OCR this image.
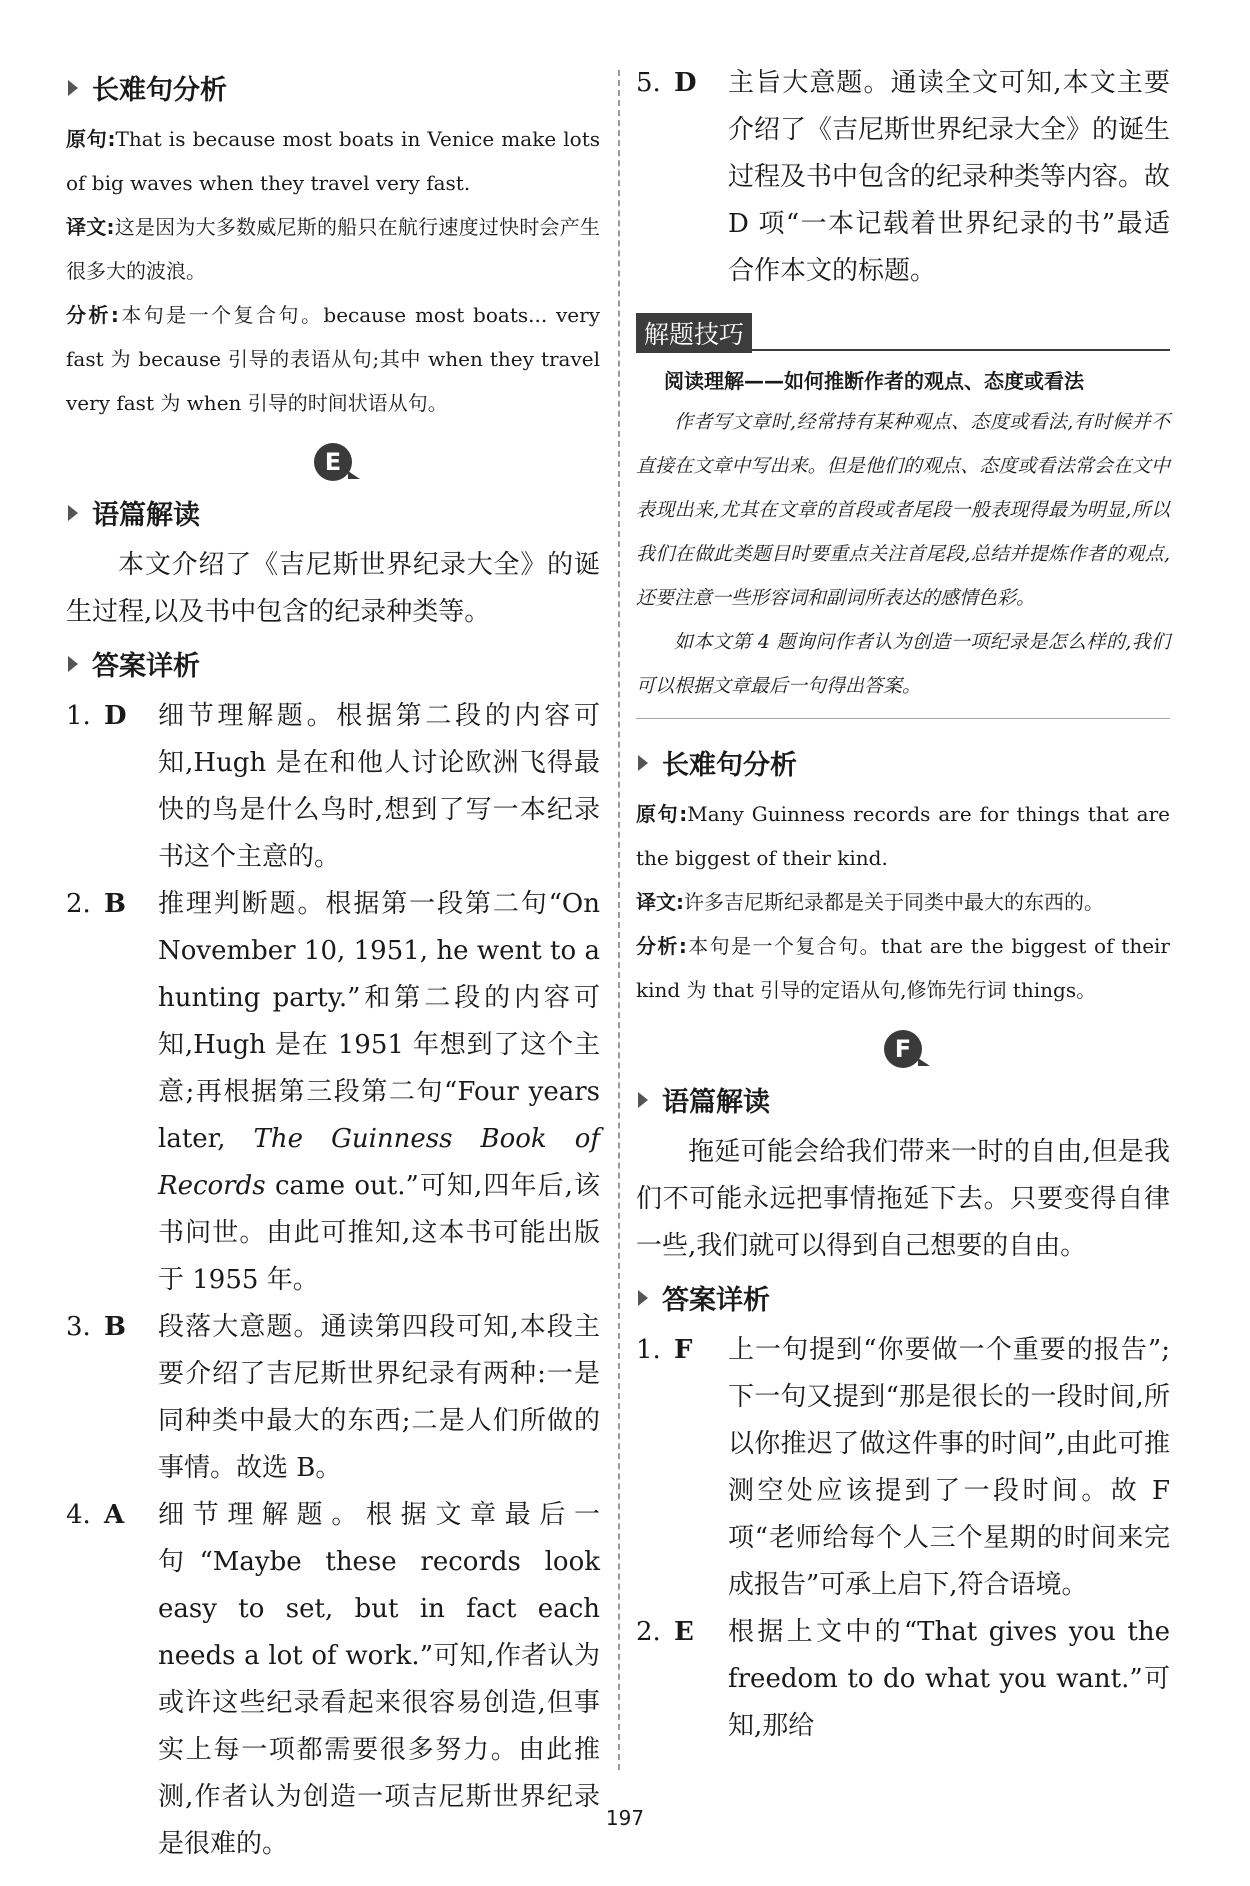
长难句分析

原句:That is because most boats in Venice make lots of big waves when they travel very fast.

译文:这是因为大多数威尼斯的船只在航行速度过快时会产生很多大的波浪。

分析:本句是一个复合句。because most boats... very fast 为 because 引导的表语从句;其中 when they travel very fast 为 when 引导的时间状语从句。

E
语篇解读

本文介绍了《吉尼斯世界纪录大全》的诞生过程,以及书中包含的纪录种类等。

答案详析
1. D	细节理解题。根据第二段的内容可知,Hugh 是在和他人讨论欧洲飞得最快的鸟是什么鸟时,想到了写一本纪录书这个主意的。
2. B	推理判断题。根据第一段第二句“On November 10, 1951, he went to a hunting party.”和第二段的内容可知,Hugh 是在 1951 年想到了这个主意;再根据第三段第二句“Four years later, The Guinness Book of Records came out.”可知,四年后,该书问世。由此可推知,这本书可能出版于 1955 年。
3. B	段落大意题。通读第四段可知,本段主要介绍了吉尼斯世界纪录有两种:一是同种类中最大的东西;二是人们所做的事情。故选 B。
4. A	细节理解题。根据文章最后一句“Maybe these records look easy to set, but in fact each needs a lot of work.”可知,作者认为或许这些纪录看起来很容易创造,但事实上每一项都需要很多努力。由此推测,作者认为创造一项吉尼斯世界纪录是很难的。
5. D	主旨大意题。通读全文可知,本文主要介绍了《吉尼斯世界纪录大全》的诞生过程及书中包含的纪录种类等内容。故 D 项“一本记载着世界纪录的书”最适合作本文的标题。
解题技巧
阅读理解——如何推断作者的观点、态度或看法

作者写文章时,经常持有某种观点、态度或看法,有时候并不直接在文章中写出来。但是他们的观点、态度或看法常会在文中表现出来,尤其在文章的首段或者尾段一般表现得最为明显,所以我们在做此类题目时要重点关注首尾段,总结并提炼作者的观点,还要注意一些形容词和副词所表达的感情色彩。

如本文第 4 题询问作者认为创造一项纪录是怎么样的,我们可以根据文章最后一句得出答案。

长难句分析

原句:Many Guinness records are for things that are the biggest of their kind.

译文:许多吉尼斯纪录都是关于同类中最大的东西的。

分析:本句是一个复合句。that are the biggest of their kind 为 that 引导的定语从句,修饰先行词 things。

F
语篇解读

拖延可能会给我们带来一时的自由,但是我们不可能永远把事情拖延下去。只要变得自律一些,我们就可以得到自己想要的自由。

答案详析
1. F	上一句提到“你要做一个重要的报告”;下一句又提到“那是很长的一段时间,所以你推迟了做这件事的时间”,由此可推测空处应该提到了一段时间。故 F 项“老师给每个人三个星期的时间来完成报告”可承上启下,符合语境。
2. E	根据上文中的“That gives you the freedom to do what you want.”可知,那给
197
